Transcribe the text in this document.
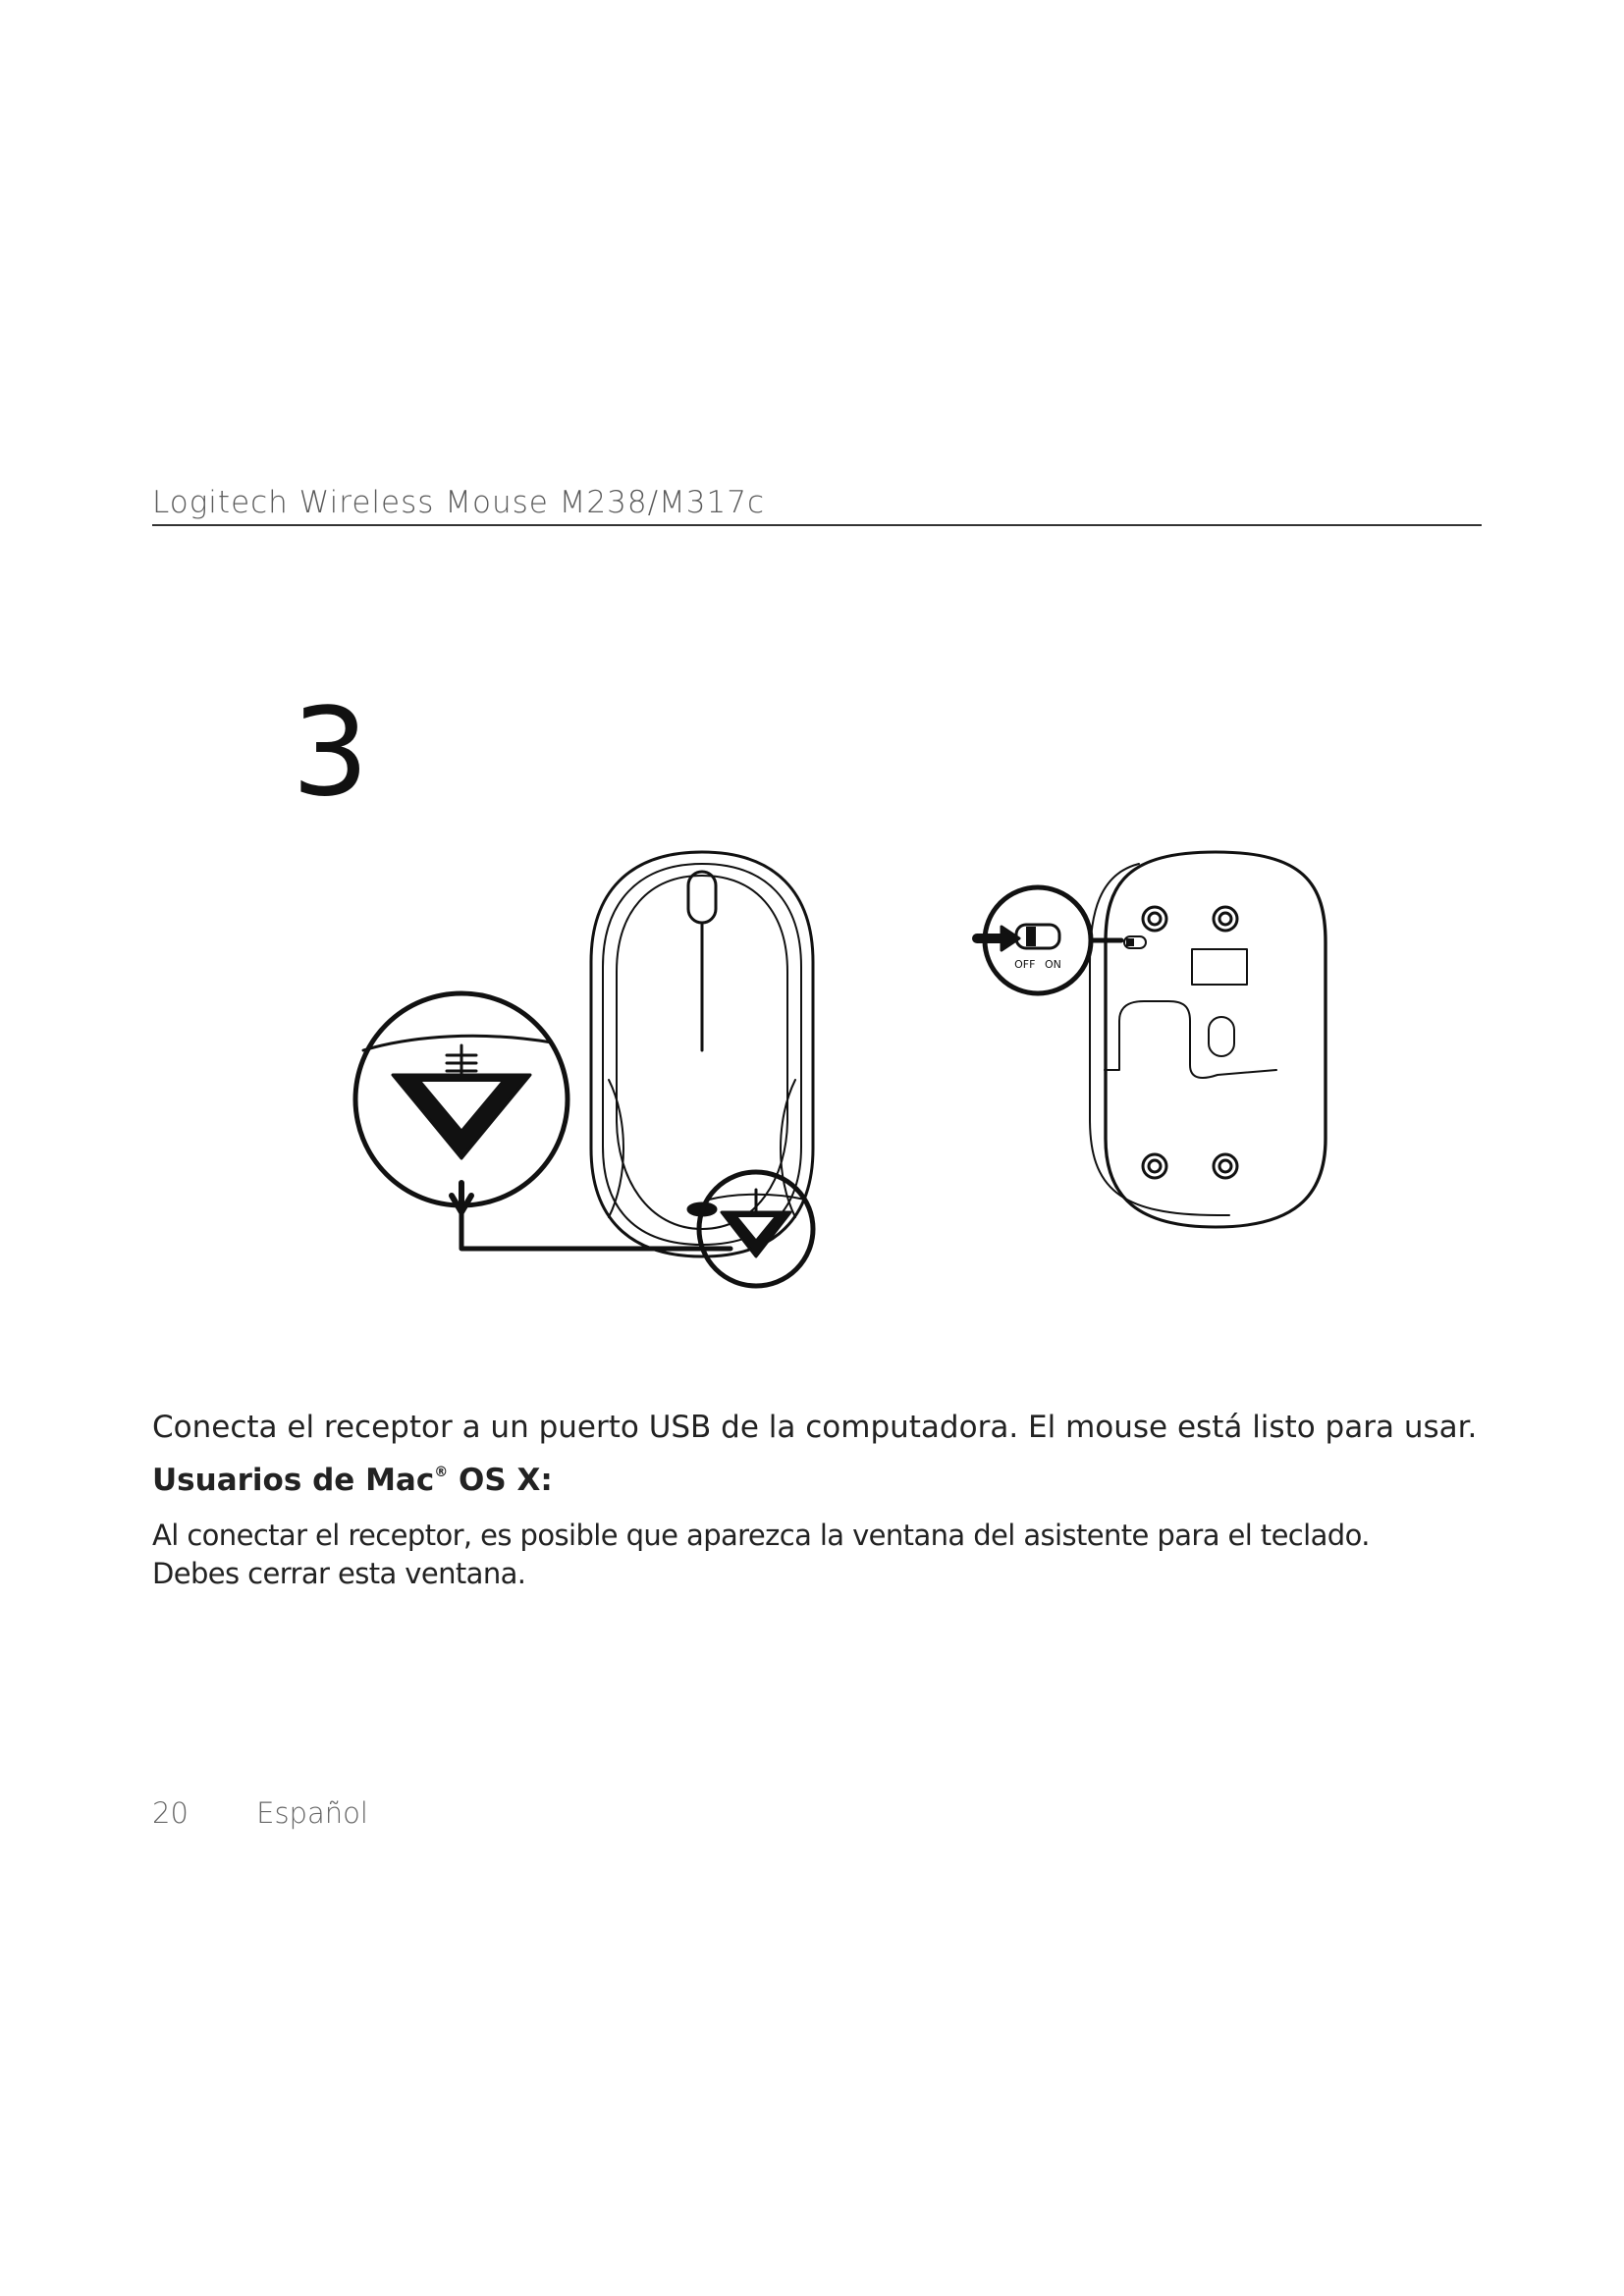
Logitech Wireless Mouse M238/M317c
3
OFF ON
Conecta el receptor a un puerto USB de la computadora. El mouse está listo para usar.
Usuarios de Mac® OS X:
Al conectar el receptor, es posible que aparezca la ventana del asistente para el teclado.
Debes cerrar esta ventana.
20 Español
